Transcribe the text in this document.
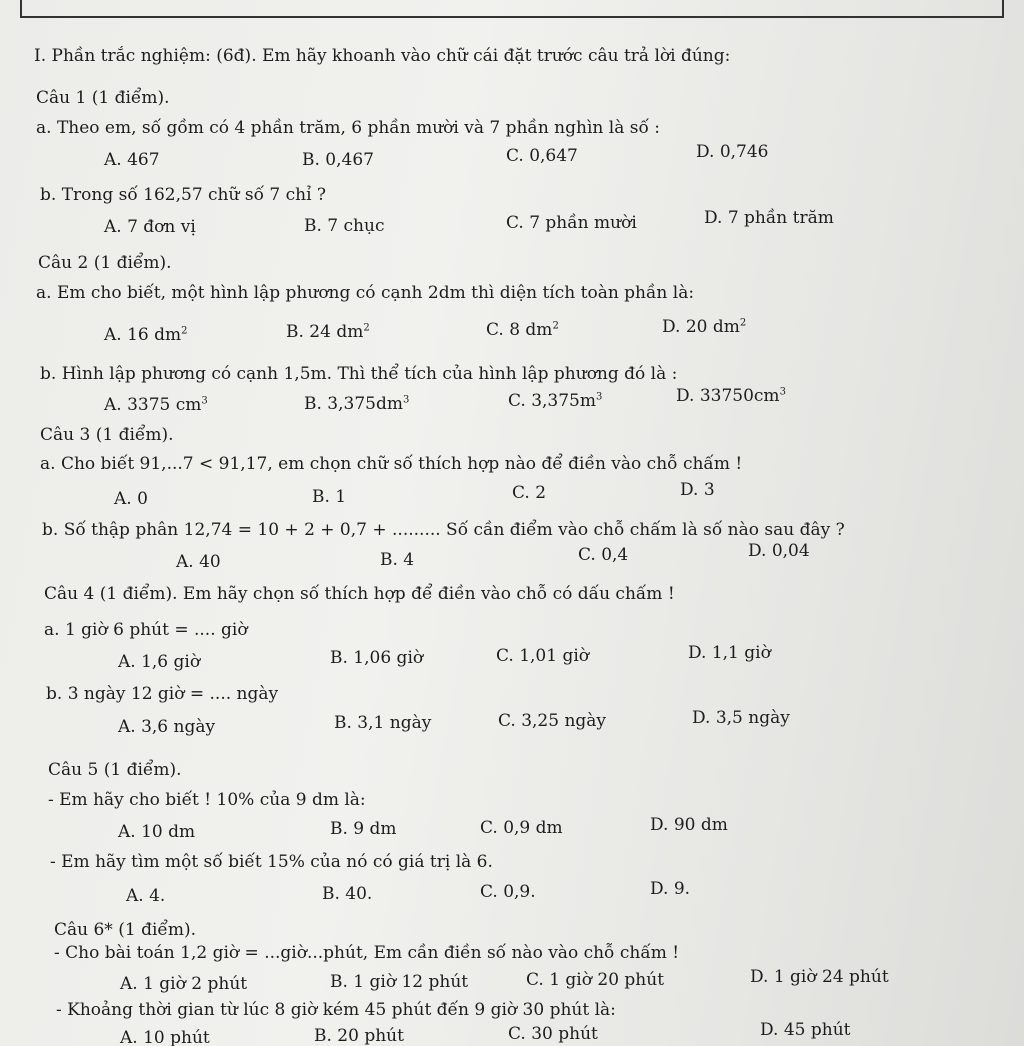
I. Phần trắc nghiệm: (6đ). Em hãy khoanh vào chữ cái đặt trước câu trả lời đúng:
Câu 1 (1 điểm).
a. Theo em, số gồm có 4 phần trăm, 6 phần mười và 7 phần nghìn là số :
A. 467	B. 0,467	C. 0,647	D. 0,746
b. Trong số 162,57 chữ số 7 chỉ ?
A. 7 đơn vị	B. 7 chục	C. 7 phần mười	D. 7 phần trăm
Câu 2 (1 điểm).
a. Em cho biết, một hình lập phương có cạnh 2dm thì diện tích toàn phần là:
A. 16 $dm^2$	B. 24 $dm^2$	C. 8 $dm^2$	D. 20 $dm^2$
b. Hình lập phương có cạnh 1,5m. Thì thể tích của hình lập phương đó là :
A. 3375 $cm^3$	B. $3,375dm^3$	C. $3,375m^3$	D. $33750cm^3$
Câu 3 (1 điểm).
a. Cho biết 91,...7 < 91,17, em chọn chữ số thích hợp nào để điền vào chỗ chấm !
A. 0	B. 1	C. 2	D. 3
b. Số thập phân 12,74 = 10 + 2 + 0,7 + ......... Số cần điểm vào chỗ chấm là số nào sau đây ?
A. 40	B. 4	C. 0,4	D. 0,04
Câu 4 (1 điểm). Em hãy chọn số thích hợp để điền vào chỗ có dấu chấm !
a. 1 giờ 6 phút = .... giờ
A. 1,6 giờ	B. 1,06 giờ	C. 1,01 giờ	D. 1,1 giờ
b. 3 ngày 12 giờ = .... ngày
A. 3,6 ngày	B. 3,1 ngày	C. 3,25 ngày	D. 3,5 ngày
Câu 5 (1 điểm).
- Em hãy cho biết ! 10% của 9 dm là:
A. 10 dm	B. 9 dm	C. 0,9 dm	D. 90 dm
- Em hãy tìm một số biết 15% của nó có giá trị là 6.
A. 4.	B. 40.	C. 0,9.	D. 9.
Câu 6* (1 điểm).
- Cho bài toán 1,2 giờ = ...giờ...phút, Em cần điền số nào vào chỗ chấm !
A. 1 giờ 2 phút	B. 1 giờ 12 phút	C. 1 giờ 20 phút	D. 1 giờ 24 phút
- Khoảng thời gian từ lúc 8 giờ kém 45 phút đến 9 giờ 30 phút là:
A. 10 phút	B. 20 phút	C. 30 phút	D. 45 phút
